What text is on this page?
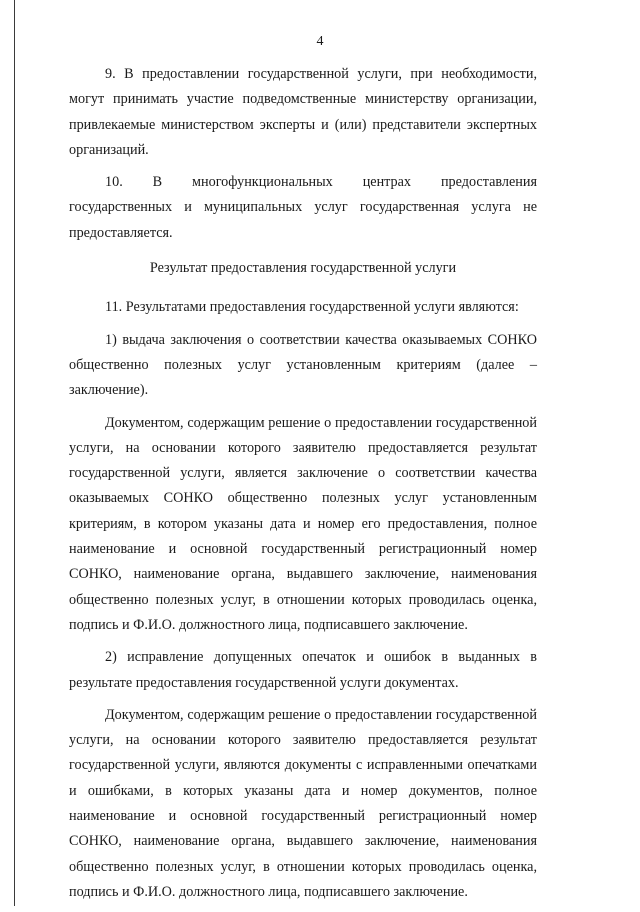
4

9. В предоставлении государственной услуги, при необходимости, могут принимать участие подведомственные министерству организации, привлекаемые министерством эксперты и (или) представители экспертных организаций.

10. В многофункциональных центрах предоставления государственных и муниципальных услуг государственная услуга не предоставляется.

Результат предоставления государственной услуги

11. Результатами предоставления государственной услуги являются:

1) выдача заключения о соответствии качества оказываемых СОНКО общественно полезных услуг установленным критериям (далее – заключение).

Документом, содержащим решение о предоставлении государственной услуги, на основании которого заявителю предоставляется результат государственной услуги, является заключение о соответствии качества оказываемых СОНКО общественно полезных услуг установленным критериям, в котором указаны дата и номер его предоставления, полное наименование и основной государственный регистрационный номер СОНКО, наименование органа, выдавшего заключение, наименования общественно полезных услуг, в отношении которых проводилась оценка, подпись и Ф.И.О. должностного лица, подписавшего заключение.

2) исправление допущенных опечаток и ошибок в выданных в результате предоставления государственной услуги документах.

Документом, содержащим решение о предоставлении государственной услуги, на основании которого заявителю предоставляется результат государственной услуги, являются документы с исправленными опечатками и ошибками, в которых указаны дата и номер документов, полное наименование и основной государственный регистрационный номер СОНКО, наименование органа, выдавшего заключение, наименования общественно полезных услуг, в отношении которых проводилась оценка, подпись и Ф.И.О. должностного лица, подписавшего заключение.
